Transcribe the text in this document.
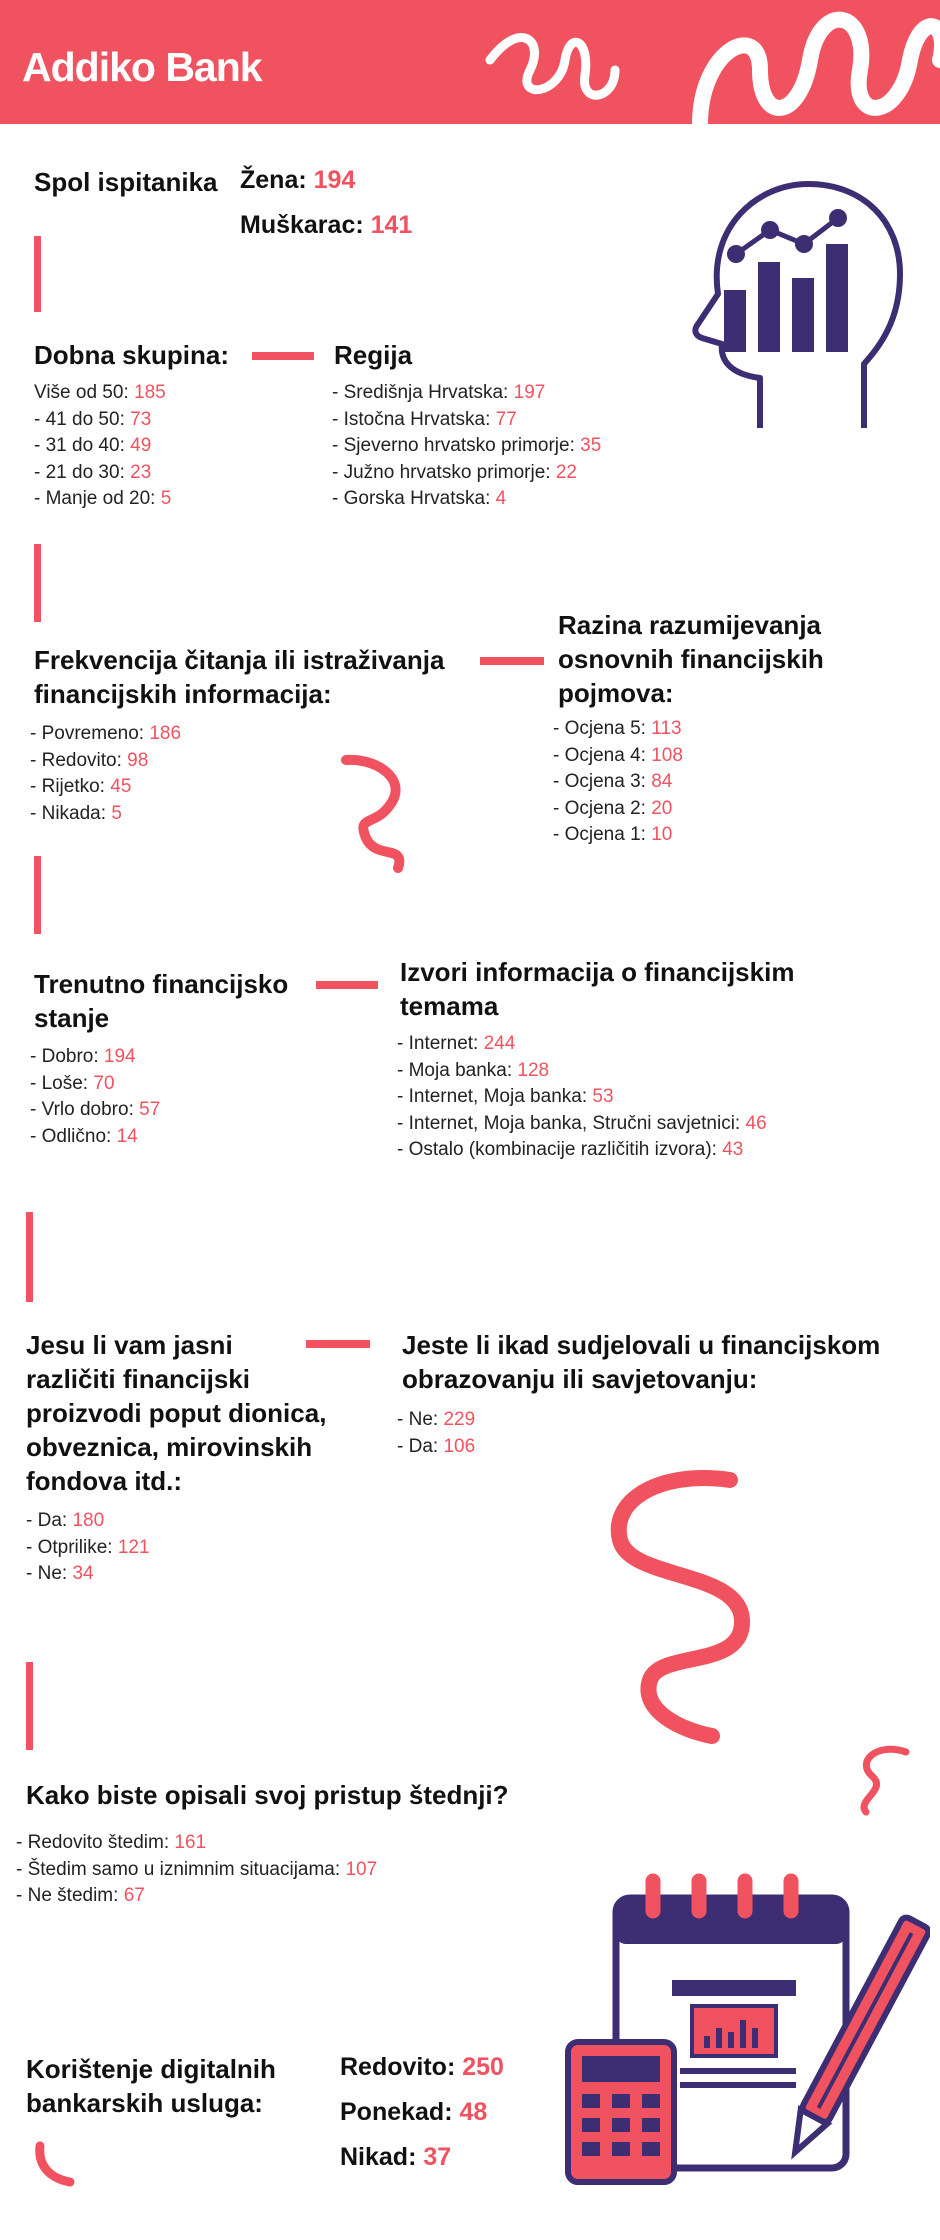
Addiko Bank
Spol ispitanika Žena: 194
Muškarac: 141
Dobna skupina:
Više od 50: 185
- 41 do 50: 73
- 31 do 40: 49
- 21 do 30: 23
- Manje od 20: 5
Regija
- Središnja Hrvatska: 197
- Istočna Hrvatska: 77
- Sjeverno hrvatsko primorje: 35
- Južno hrvatsko primorje: 22
- Gorska Hrvatska: 4
Frekvencija čitanja ili istraživanja
financijskih informacija:
- Povremeno: 186
- Redovito: 98
- Rijetko: 45
- Nikada: 5
Razina razumijevanja
osnovnih financijskih
pojmova:
- Ocjena 5: 113
- Ocjena 4: 108
- Ocjena 3: 84
- Ocjena 2: 20
- Ocjena 1: 10
Trenutno financijsko
stanje
- Dobro: 194
- Loše: 70
- Vrlo dobro: 57
- Odlično: 14
Izvori informacija o financijskim
temama
- Internet: 244
- Moja banka: 128
- Internet, Moja banka: 53
- Internet, Moja banka, Stručni savjetnici: 46
- Ostalo (kombinacije različitih izvora): 43
Jesu li vam jasni
različiti financijski
proizvodi poput dionica,
obveznica, mirovinskih
fondova itd.:
- Da: 180
- Otprilike: 121
- Ne: 34
Jeste li ikad sudjelovali u financijskom
obrazovanju ili savjetovanju:
- Ne: 229
- Da: 106
Kako biste opisali svoj pristup štednji?
- Redovito štedim: 161
- Štedim samo u iznimnim situacijama: 107
- Ne štedim: 67
Korištenje digitalnih
bankarskih usluga:
Redovito: 250
Ponekad: 48
Nikad: 37
